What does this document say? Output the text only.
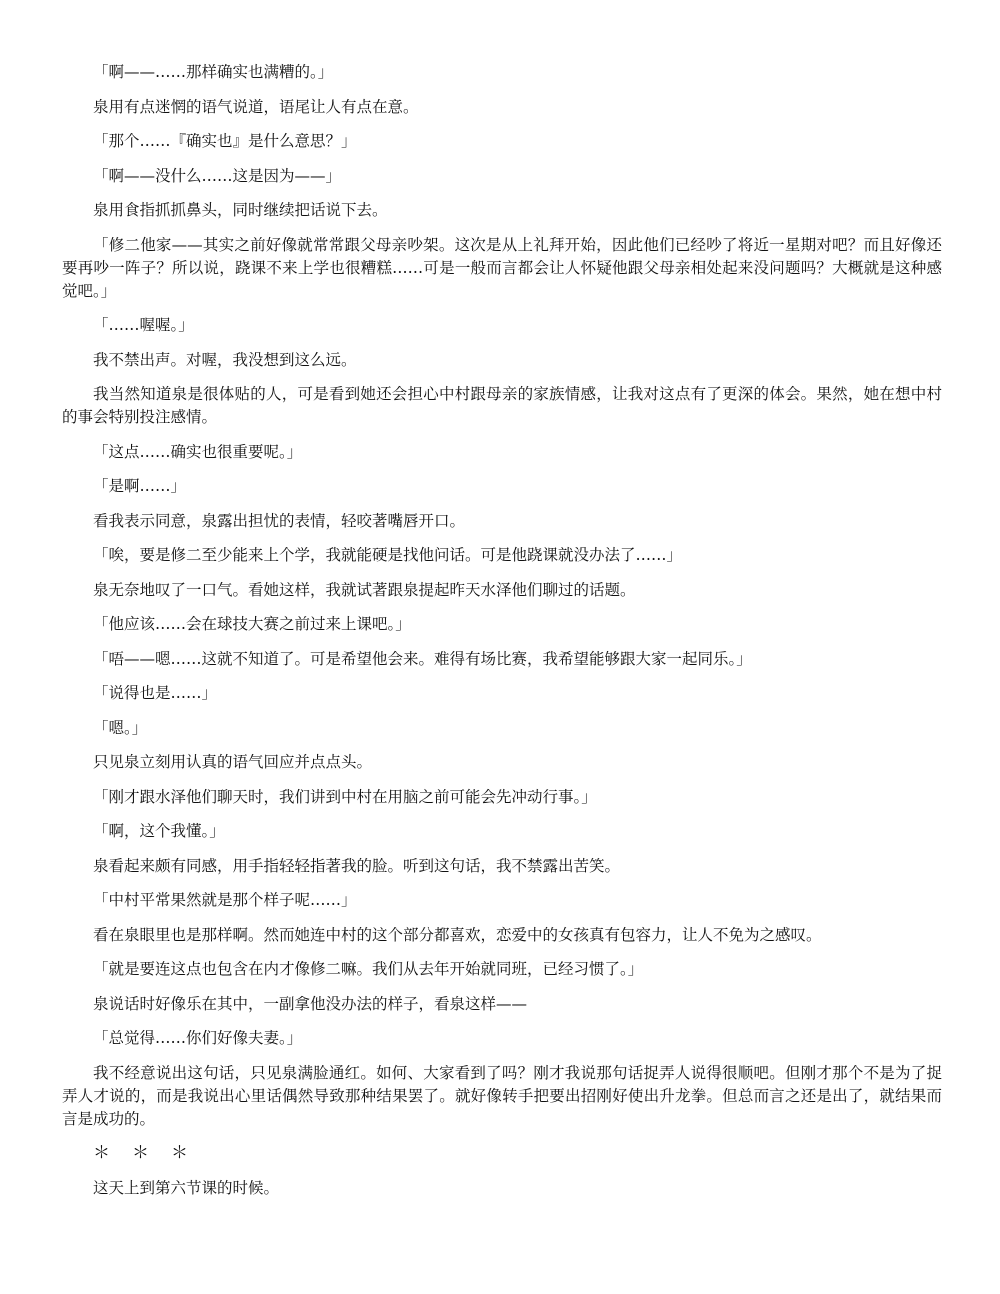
「啊——……那样确实也满糟的。」

泉用有点迷惘的语气说道，语尾让人有点在意。

「那个……『确实也』是什么意思？」

「啊——没什么……这是因为——」

泉用食指抓抓鼻头，同时继续把话说下去。

「修二他家——其实之前好像就常常跟父母亲吵架。这次是从上礼拜开始，因此他们已经吵了将近一星期对吧？而且好像还要再吵一阵子？所以说，跷课不来上学也很糟糕……可是一般而言都会让人怀疑他跟父母亲相处起来没问题吗？大概就是这种感觉吧。」

「……喔喔。」

我不禁出声。对喔，我没想到这么远。

我当然知道泉是很体贴的人，可是看到她还会担心中村跟母亲的家族情感，让我对这点有了更深的体会。果然，她在想中村的事会特别投注感情。

「这点……确实也很重要呢。」

「是啊……」

看我表示同意，泉露出担忧的表情，轻咬著嘴唇开口。

「唉，要是修二至少能来上个学，我就能硬是找他问话。可是他跷课就没办法了……」

泉无奈地叹了一口气。看她这样，我就试著跟泉提起昨天水泽他们聊过的话题。

「他应该……会在球技大赛之前过来上课吧。」

「唔——嗯……这就不知道了。可是希望他会来。难得有场比赛，我希望能够跟大家一起同乐。」

「说得也是……」

「嗯。」

只见泉立刻用认真的语气回应并点点头。

「刚才跟水泽他们聊天时，我们讲到中村在用脑之前可能会先冲动行事。」

「啊，这个我懂。」

泉看起来颇有同感，用手指轻轻指著我的脸。听到这句话，我不禁露出苦笑。

「中村平常果然就是那个样子呢……」

看在泉眼里也是那样啊。然而她连中村的这个部分都喜欢，恋爱中的女孩真有包容力，让人不免为之感叹。

「就是要连这点也包含在内才像修二嘛。我们从去年开始就同班，已经习惯了。」

泉说话时好像乐在其中，一副拿他没办法的样子，看泉这样——

「总觉得……你们好像夫妻。」

我不经意说出这句话，只见泉满脸通红。如何、大家看到了吗？刚才我说那句话捉弄人说得很顺吧。但刚才那个不是为了捉弄人才说的，而是我说出心里话偶然导致那种结果罢了。就好像转手把要出招刚好使出升龙拳。但总而言之还是出了，就结果而言是成功的。

＊＊＊

这天上到第六节课的时候。
